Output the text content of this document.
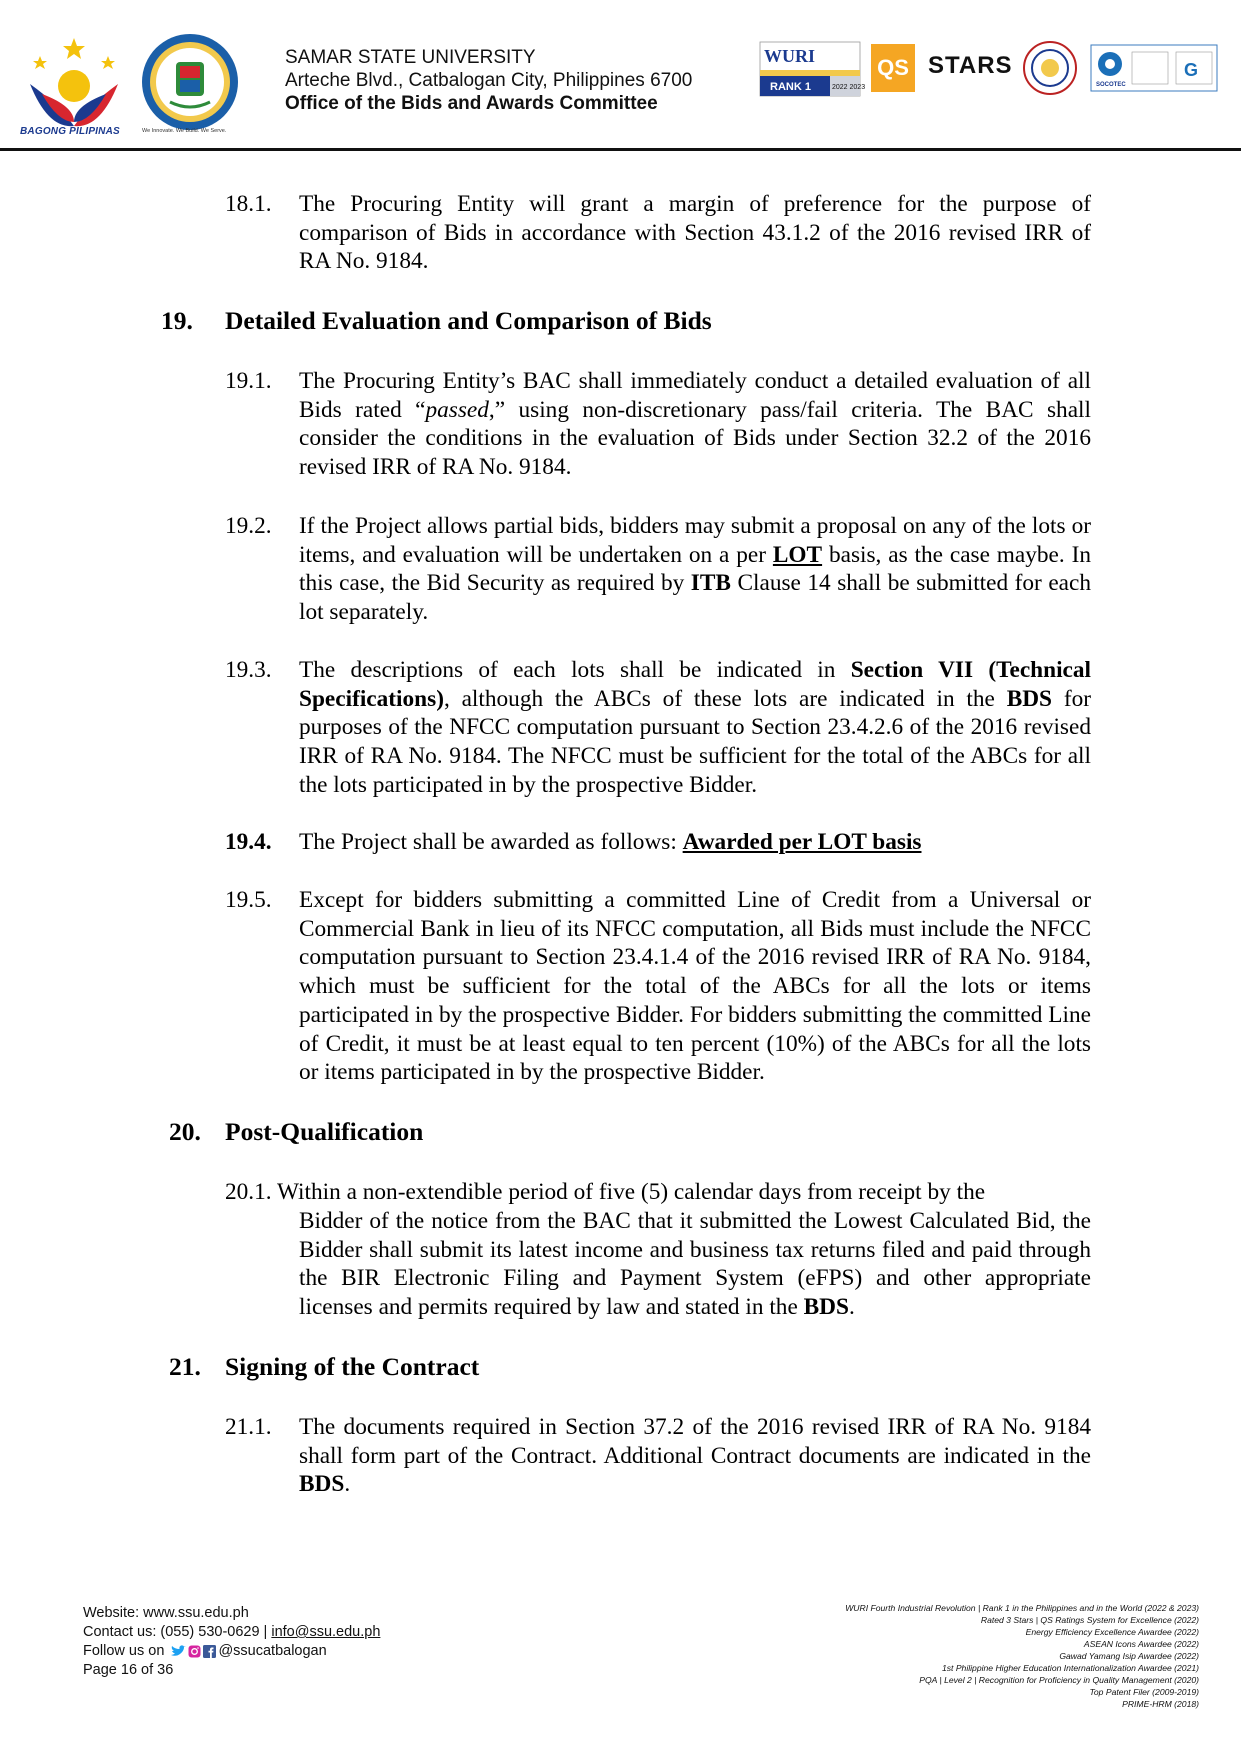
BAGONG PILIPINAS	We Innovate. We Build. We Serve.
SAMAR STATE UNIVERSITY
Arteche Blvd., Catbalogan City, Philippines 6700
Office of the Bids and Awards Committee
WURI
RANK 1	2022 2023
QS STARS
SOCOTEC
G
18.1. The Procuring Entity will grant a margin of preference for the purpose of comparison of Bids in accordance with Section 43.1.2 of the 2016 revised IRR of RA No. 9184.
19. Detailed Evaluation and Comparison of Bids
19.1. The Procuring Entity’s BAC shall immediately conduct a detailed evaluation of all Bids rated “passed,” using non-discretionary pass/fail criteria. The BAC shall consider the conditions in the evaluation of Bids under Section 32.2 of the 2016 revised IRR of RA No. 9184.
19.2. If the Project allows partial bids, bidders may submit a proposal on any of the lots or items, and evaluation will be undertaken on a per LOT basis, as the case maybe. In this case, the Bid Security as required by ITB Clause 14 shall be submitted for each lot separately.
19.3. The descriptions of each lots shall be indicated in Section VII (Technical Specifications), although the ABCs of these lots are indicated in the BDS for purposes of the NFCC computation pursuant to Section 23.4.2.6 of the 2016 revised IRR of RA No. 9184. The NFCC must be sufficient for the total of the ABCs for all the lots participated in by the prospective Bidder.
19.4. The Project shall be awarded as follows: Awarded per LOT basis
19.5. Except for bidders submitting a committed Line of Credit from a Universal or Commercial Bank in lieu of its NFCC computation, all Bids must include the NFCC computation pursuant to Section 23.4.1.4 of the 2016 revised IRR of RA No. 9184, which must be sufficient for the total of the ABCs for all the lots or items participated in by the prospective Bidder. For bidders submitting the committed Line of Credit, it must be at least equal to ten percent (10%) of the ABCs for all the lots or items participated in by the prospective Bidder.
20. Post-Qualification
20.1. Within a non-extendible period of five (5) calendar days from receipt by the
Bidder of the notice from the BAC that it submitted the Lowest Calculated Bid, the Bidder shall submit its latest income and business tax returns filed and paid through the BIR Electronic Filing and Payment System (eFPS) and other appropriate licenses and permits required by law and stated in the BDS.
21. Signing of the Contract
21.1. The documents required in Section 37.2 of the 2016 revised IRR of RA No. 9184 shall form part of the Contract. Additional Contract documents are indicated in the BDS.
Website: www.ssu.edu.ph
Contact us: (055) 530-0629 | info@ssu.edu.ph
Follow us on	@ssucatbalogan
Page 16 of 36
WURI Fourth Industrial Revolution | Rank 1 in the Philippines and in the World (2022 & 2023)
Rated 3 Stars | QS Ratings System for Excellence (2022)
Energy Efficiency Excellence Awardee (2022)
ASEAN Icons Awardee (2022)
Gawad Yamang Isip Awardee (2022)
1st Philippine Higher Education Internationalization Awardee (2021)
PQA | Level 2 | Recognition for Proficiency in Quality Management (2020)
Top Patent Filer (2009-2019)
PRIME-HRM (2018)
